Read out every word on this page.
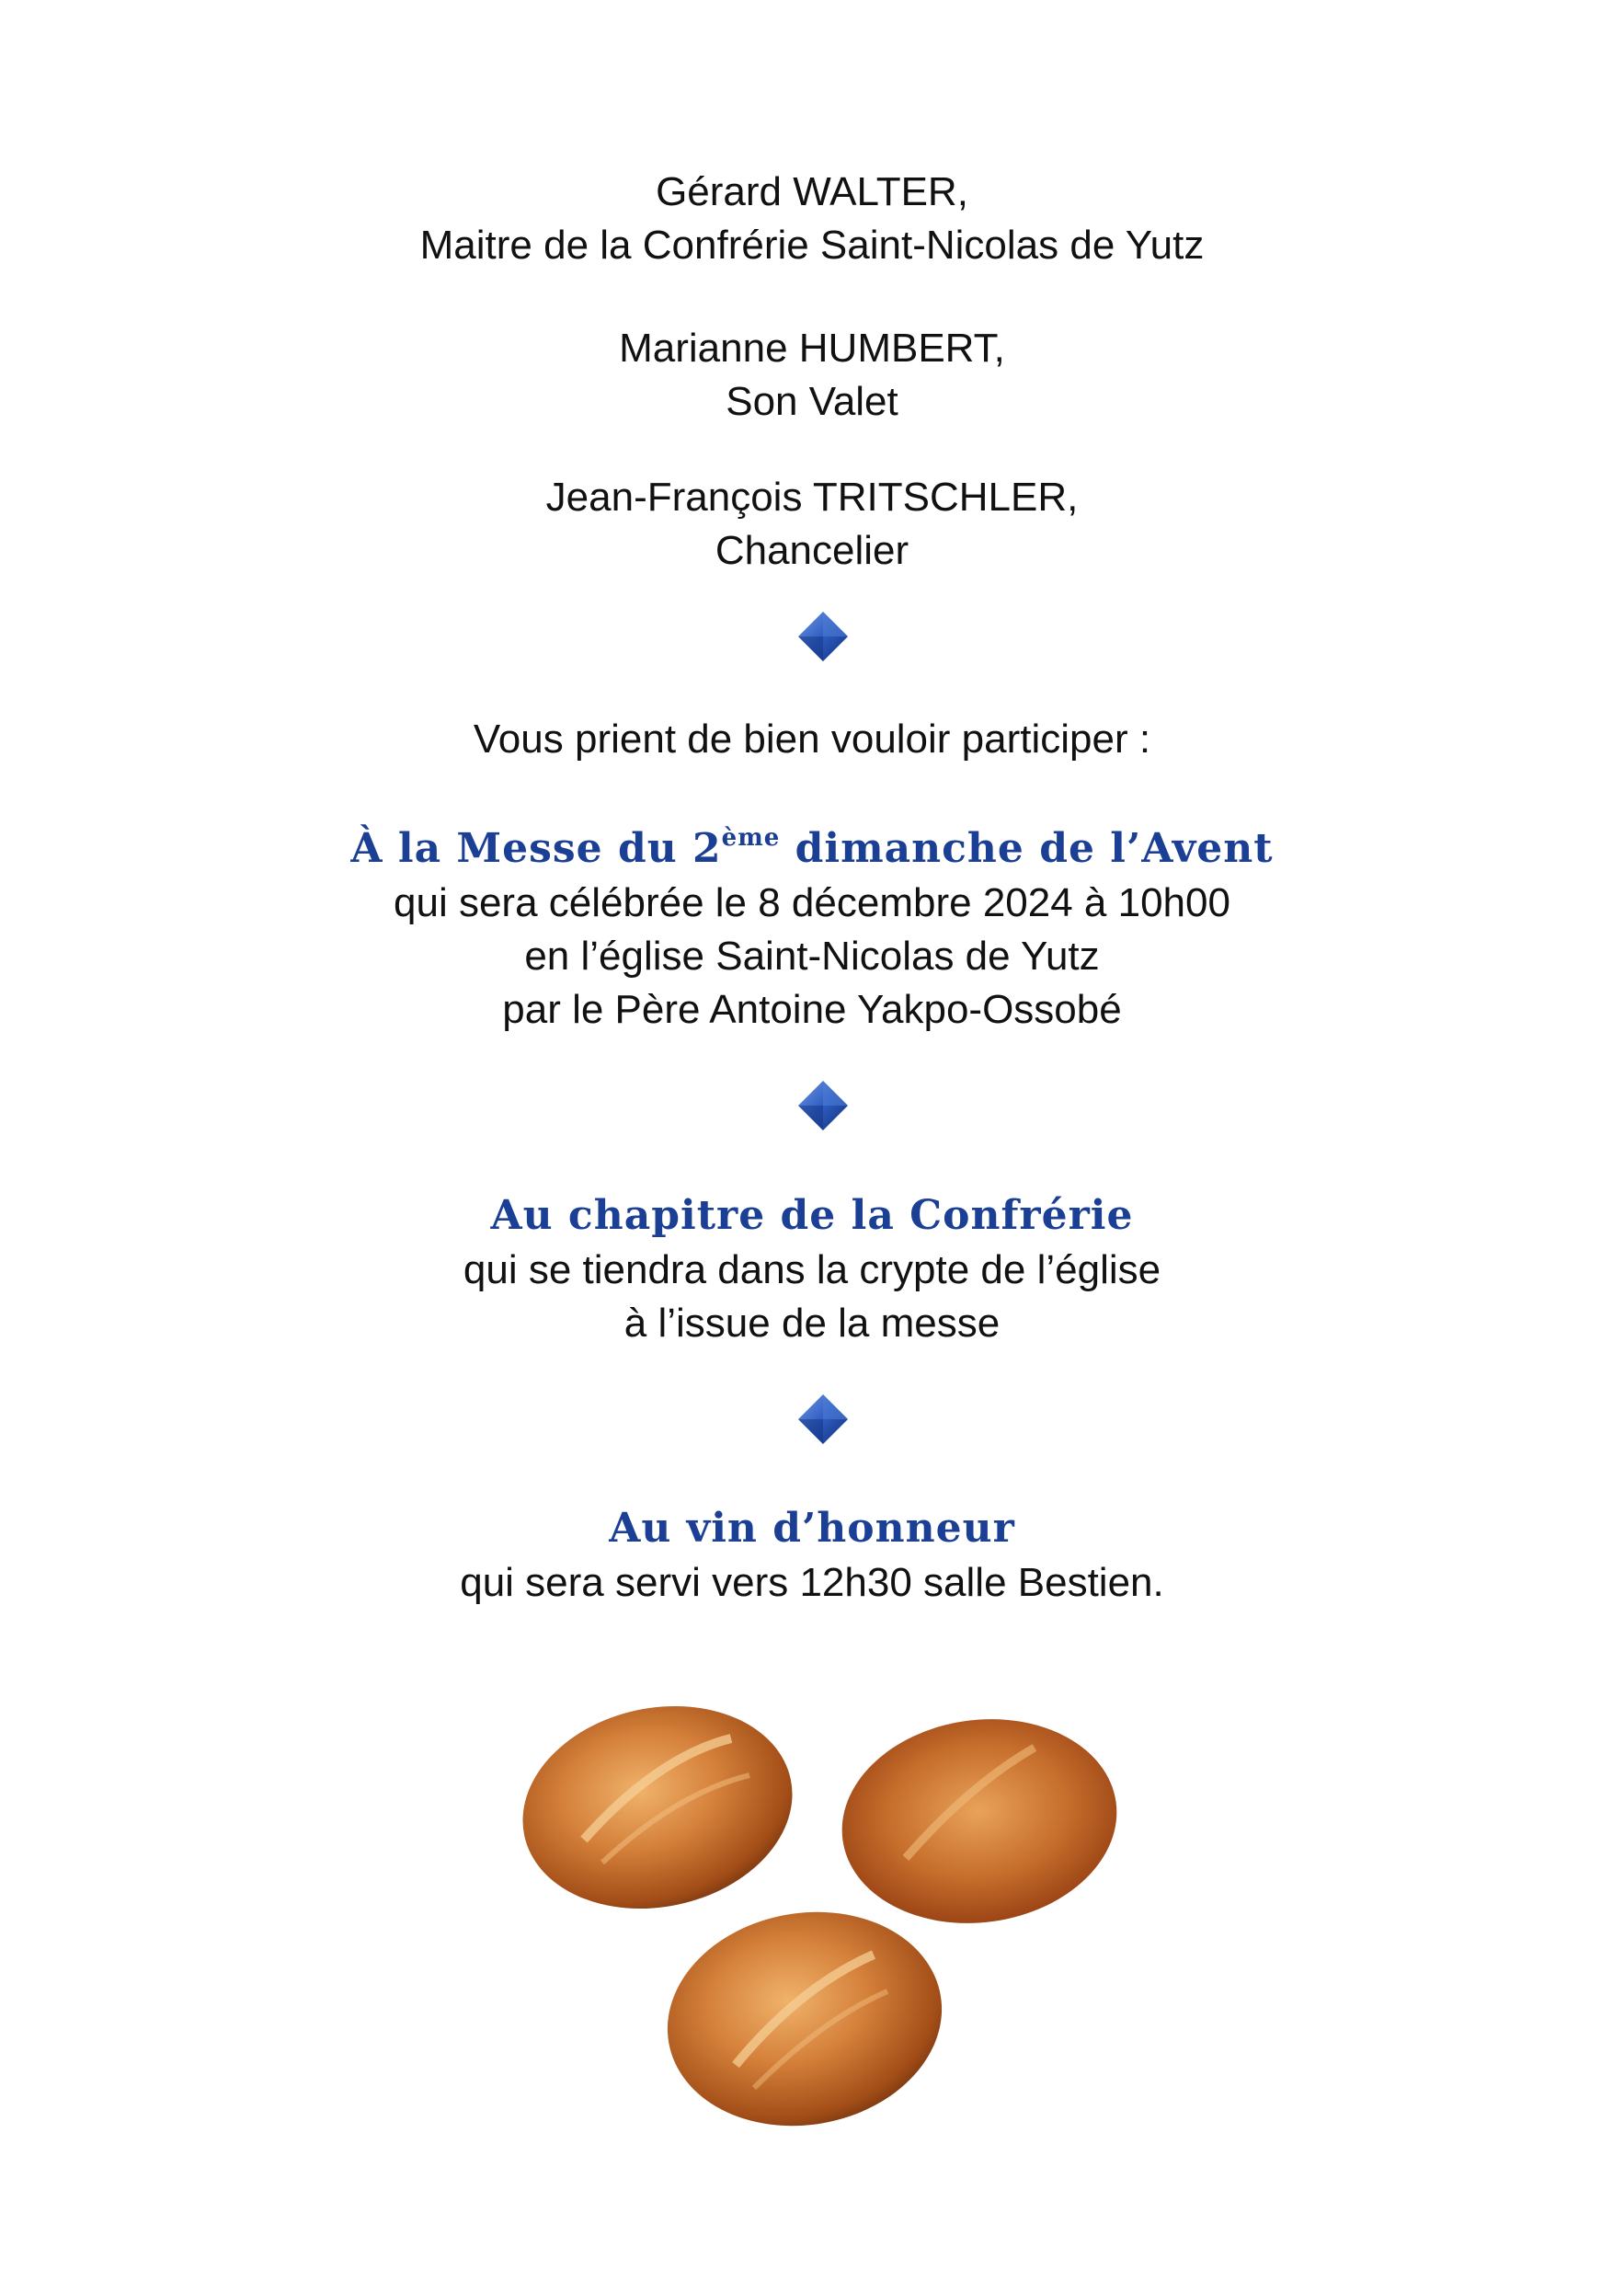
Gérard WALTER,
Maitre de la Confrérie Saint-Nicolas de Yutz
Marianne HUMBERT,
Son Valet
Jean-François TRITSCHLER,
Chancelier
Vous prient de bien vouloir participer :
À la Messe du 2ème dimanche de l’Avent
qui sera célébrée le 8 décembre 2024 à 10h00
en l’église Saint-Nicolas de Yutz
par le Père Antoine Yakpo-Ossobé
Au chapitre de la Confrérie
qui se tiendra dans la crypte de l’église
à l’issue de la messe
Au vin d’honneur
qui sera servi vers 12h30 salle Bestien.
